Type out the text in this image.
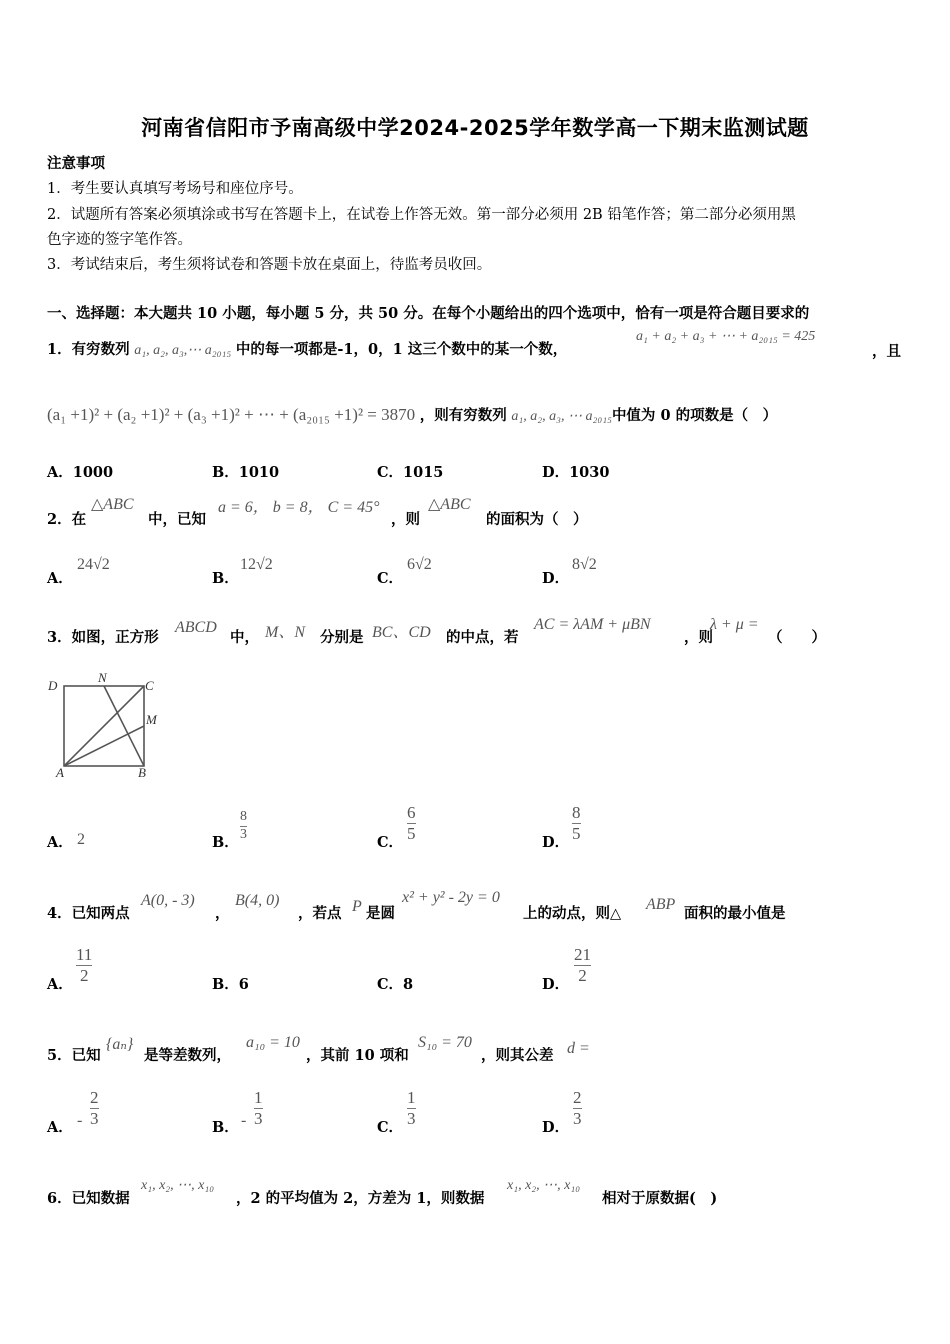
河南省信阳市予南高级中学2024-2025学年数学高一下期末监测试题
注意事项
1．考生要认真填写考场号和座位序号。
2．试题所有答案必须填涂或书写在答题卡上，在试卷上作答无效。第一部分必须用 2B 铅笔作答；第二部分必须用黑
色字迹的签字笔作答。
3．考试结束后，考生须将试卷和答题卡放在桌面上，待监考员收回。
一、选择题：本大题共 10 小题，每小题 5 分，共 50 分。在每个小题给出的四个选项中，恰有一项是符合题目要求的
1．有穷数列 a₁, a₂, a₃,⋯ a₂₀₁₅ 中的每一项都是-1，0，1 这三个数中的某一个数，
a₁ + a₂ + a₃ + ⋯ + a₂₀₁₅ = 425
，且
(a₁ +1)² + (a₂ +1)² + (a₃ +1)² + ⋯ + (a₂₀₁₅ +1)² = 3870 ，则有穷数列 a₁, a₂, a₃, ⋯ a₂₀₁₅中值为 0 的项数是（　）
A．1000	B．1010	C．1015	D．1030
2．在
△ABC
中，已知
a = 6， b = 8， C = 45°
，则
△ABC
的面积为（　）
A．
24√2
B．
12√2
C．
6√2
D．
8√2
3．如图，正方形
ABCD
中， M、N 分别是 BC、CD 的中点，若
AC = λAM + μBN
，则
λ + μ =
（　　）
D
N
C
M
A	B
A． 2	B．
8
3	C．
6
5	D．
8
5
4．已知两点
A(0, - 3)
，
B(4, 0)
，若点 P 是圆
x² + y² - 2y = 0
上的动点，则△
ABP
面积的最小值是
A．
11
2	B．6	C．8	D．
21
2
5．已知
{aₙ}
是等差数列，
a₁₀ = 10
，其前 10 项和
S₁₀ = 70
，则其公差 d =
A． -
2
3	B． -
1
3	C．
1
3	D．
2
3
6．已知数据
x₁, x₂, ⋯, x₁₀
，2 的平均值为 2，方差为 1，则数据
x₁, x₂, ⋯, x₁₀
相对于原数据(　)
